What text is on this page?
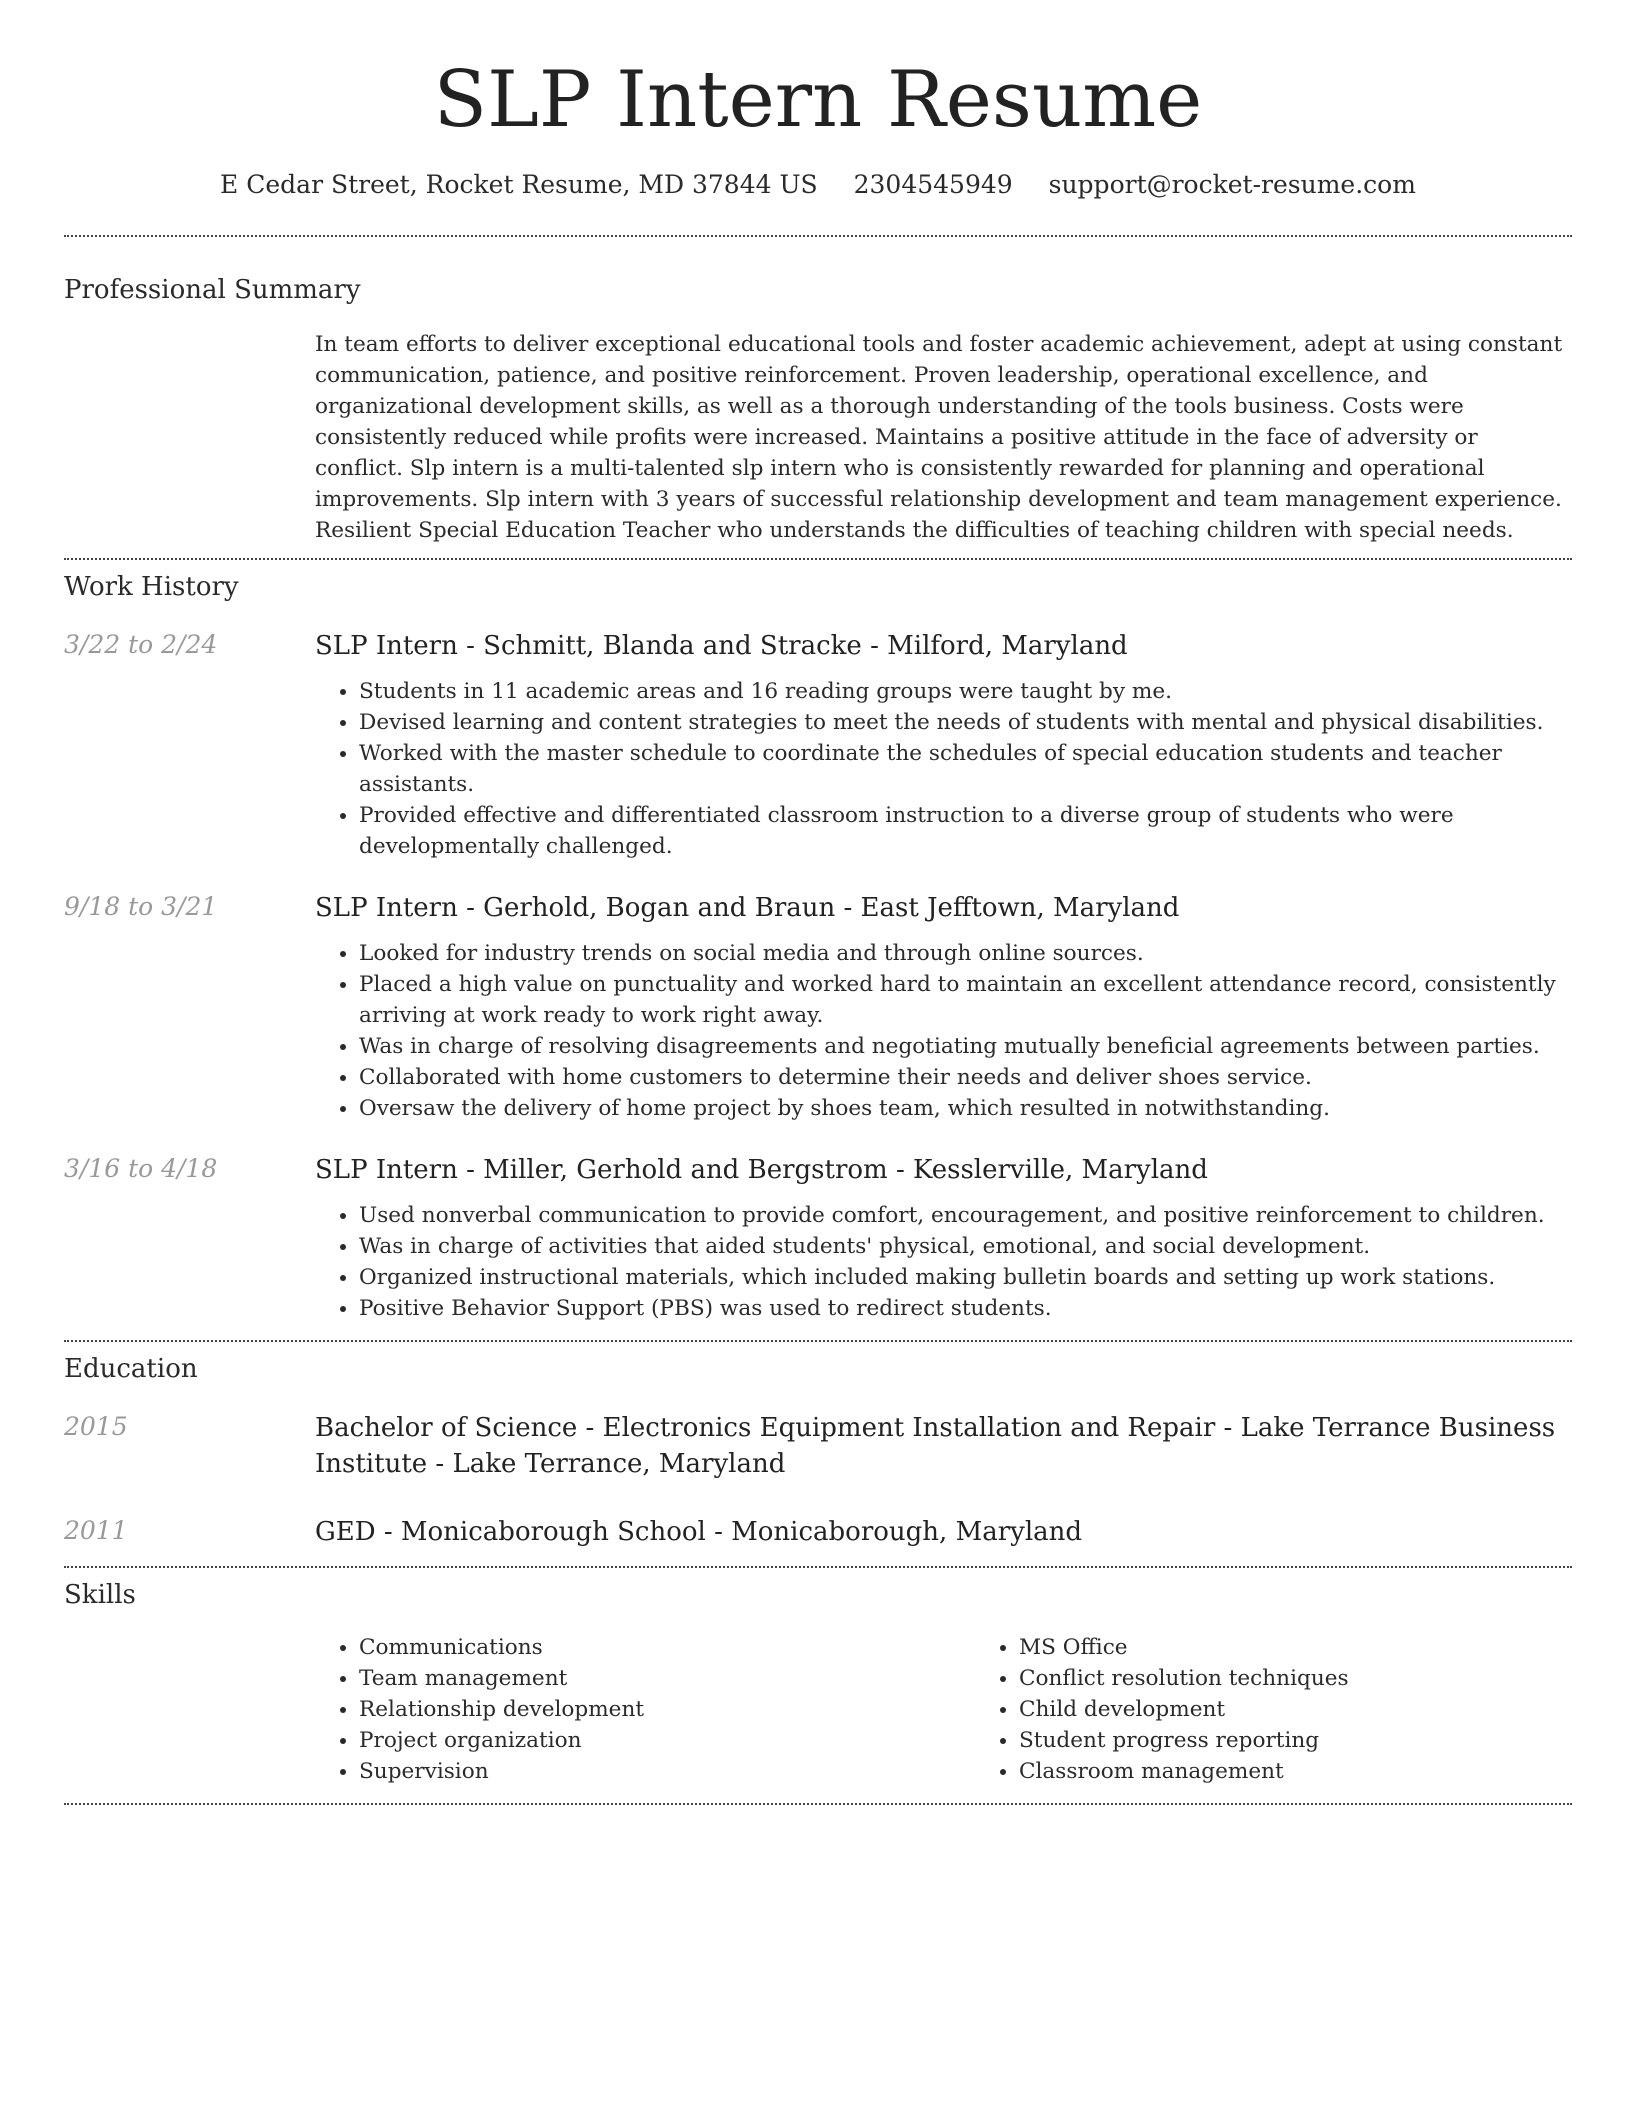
SLP Intern Resume
E Cedar Street, Rocket Resume, MD 37844 US 2304545949 support@rocket-resume.com
Professional Summary

In team efforts to deliver exceptional educational tools and foster academic achievement, adept at using constant communication, patience, and positive reinforcement. Proven leadership, operational excellence, and organizational development skills, as well as a thorough understanding of the tools business. Costs were consistently reduced while profits were increased. Maintains a positive attitude in the face of adversity or conflict. Slp intern is a multi-talented slp intern who is consistently rewarded for planning and operational improvements. Slp intern with 3 years of successful relationship development and team management experience. Resilient Special Education Teacher who understands the difficulties of teaching children with special needs.

Work History
3/22 to 2/24	SLP Intern - Schmitt, Blanda and Stracke - Milford, Maryland
• Students in 11 academic areas and 16 reading groups were taught by me.
• Devised learning and content strategies to meet the needs of students with mental and physical disabilities.
• Worked with the master schedule to coordinate the schedules of special education students and teacher assistants.
• Provided effective and differentiated classroom instruction to a diverse group of students who were developmentally challenged.
9/18 to 3/21	SLP Intern - Gerhold, Bogan and Braun - East Jefftown, Maryland
• Looked for industry trends on social media and through online sources.
• Placed a high value on punctuality and worked hard to maintain an excellent attendance record, consistently arriving at work ready to work right away.
• Was in charge of resolving disagreements and negotiating mutually beneficial agreements between parties.
• Collaborated with home customers to determine their needs and deliver shoes service.
• Oversaw the delivery of home project by shoes team, which resulted in notwithstanding.
3/16 to 4/18	SLP Intern - Miller, Gerhold and Bergstrom - Kesslerville, Maryland
• Used nonverbal communication to provide comfort, encouragement, and positive reinforcement to children.
• Was in charge of activities that aided students' physical, emotional, and social development.
• Organized instructional materials, which included making bulletin boards and setting up work stations.
• Positive Behavior Support (PBS) was used to redirect students.
Education
2015	Bachelor of Science - Electronics Equipment Installation and Repair - Lake Terrance Business Institute - Lake Terrance, Maryland
2011	GED - Monicaborough School - Monicaborough, Maryland
Skills
• Communications
• Team management
• Relationship development
• Project organization
• Supervision
• MS Office
• Conflict resolution techniques
• Child development
• Student progress reporting
• Classroom management
